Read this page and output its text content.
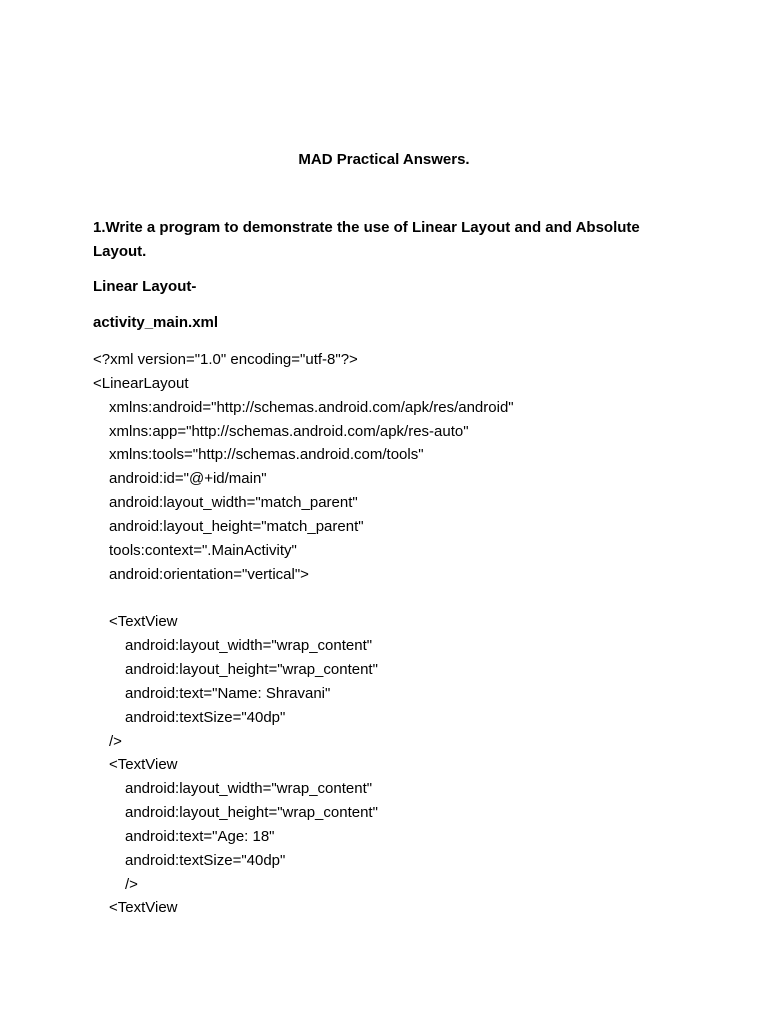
MAD Practical Answers.
1.Write a program to demonstrate the use of Linear Layout and and Absolute Layout.
Linear Layout-
activity_main.xml
<?xml version="1.0" encoding="utf-8"?>
<LinearLayout
xmlns:android="http://schemas.android.com/apk/res/android"
xmlns:app="http://schemas.android.com/apk/res-auto"
xmlns:tools="http://schemas.android.com/tools"
android:id="@+id/main"
android:layout_width="match_parent"
android:layout_height="match_parent"
tools:context=".MainActivity"
android:orientation="vertical">
<TextView
android:layout_width="wrap_content"
android:layout_height="wrap_content"
android:text="Name: Shravani"
android:textSize="40dp"
/>
<TextView
android:layout_width="wrap_content"
android:layout_height="wrap_content"
android:text="Age: 18"
android:textSize="40dp"
/>
<TextView
